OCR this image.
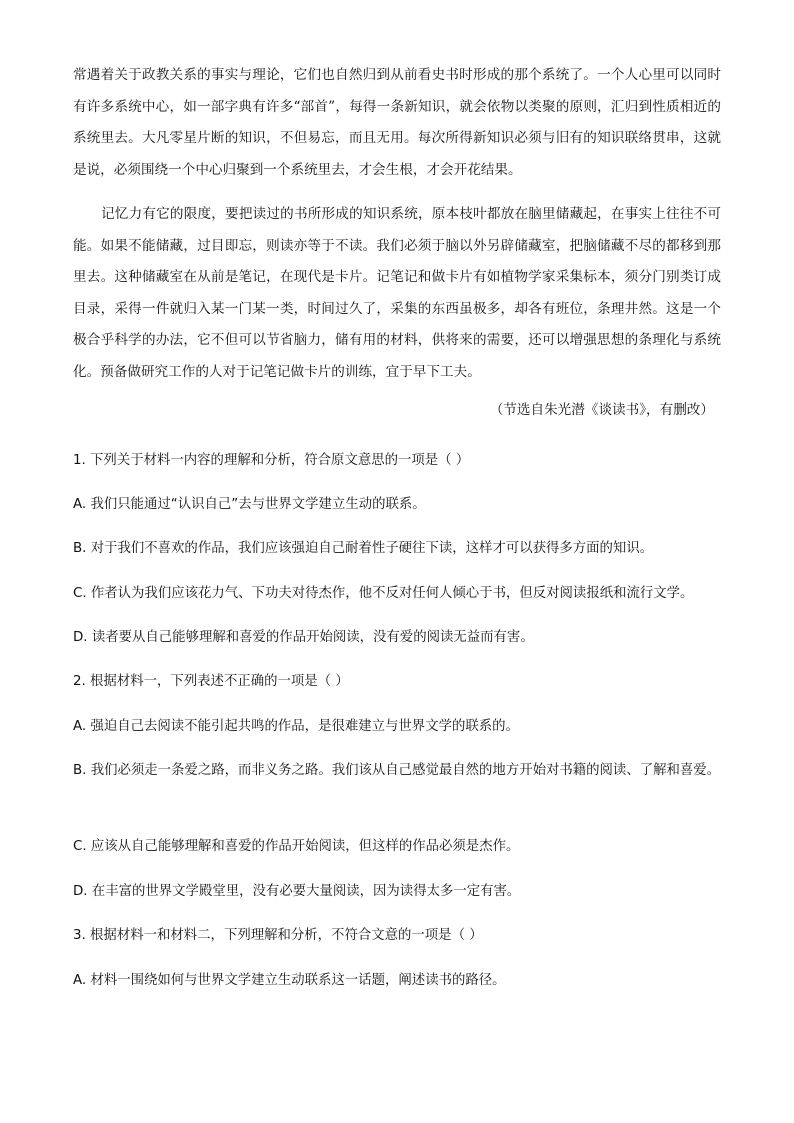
常遇着关于政教关系的事实与理论，它们也自然归到从前看史书时形成的那个系统了。一个人心里可以同时有许多系统中心，如一部字典有许多“部首”，每得一条新知识，就会依物以类聚的原则，汇归到性质相近的系统里去。大凡零星片断的知识，不但易忘，而且无用。每次所得新知识必须与旧有的知识联络贯串，这就是说，必须围绕一个中心归聚到一个系统里去，才会生根，才会开花结果。

记忆力有它的限度，要把读过的书所形成的知识系统，原本枝叶都放在脑里储藏起，在事实上往往不可能。如果不能储藏，过目即忘，则读亦等于不读。我们必须于脑以外另辟储藏室，把脑储藏不尽的都移到那里去。这种储藏室在从前是笔记，在现代是卡片。记笔记和做卡片有如植物学家采集标本，须分门别类订成目录，采得一件就归入某一门某一类，时间过久了，采集的东西虽极多，却各有班位，条理井然。这是一个极合乎科学的办法，它不但可以节省脑力，储有用的材料，供将来的需要，还可以增强思想的条理化与系统化。预备做研究工作的人对于记笔记做卡片的训练，宜于早下工夫。

（节选自朱光潜《谈读书》，有删改）

1. 下列关于材料一内容的理解和分析，符合原文意思的一项是（ ）

A. 我们只能通过“认识自己”去与世界文学建立生动的联系。

B. 对于我们不喜欢的作品，我们应该强迫自己耐着性子硬往下读，这样才可以获得多方面的知识。

C. 作者认为我们应该花力气、下功夫对待杰作，他不反对任何人倾心于书，但反对阅读报纸和流行文学。

D. 读者要从自己能够理解和喜爱的作品开始阅读，没有爱的阅读无益而有害。

2. 根据材料一，下列表述不正确的一项是（ ）

A. 强迫自己去阅读不能引起共鸣的作品，是很难建立与世界文学的联系的。

B. 我们必须走一条爱之路，而非义务之路。我们该从自己感觉最自然的地方开始对书籍的阅读、了解和喜爱。

C. 应该从自己能够理解和喜爱的作品开始阅读，但这样的作品必须是杰作。

D. 在丰富的世界文学殿堂里，没有必要大量阅读，因为读得太多一定有害。

3. 根据材料一和材料二，下列理解和分析，不符合文意的一项是（ ）

A. 材料一围绕如何与世界文学建立生动联系这一话题，阐述读书的路径。
